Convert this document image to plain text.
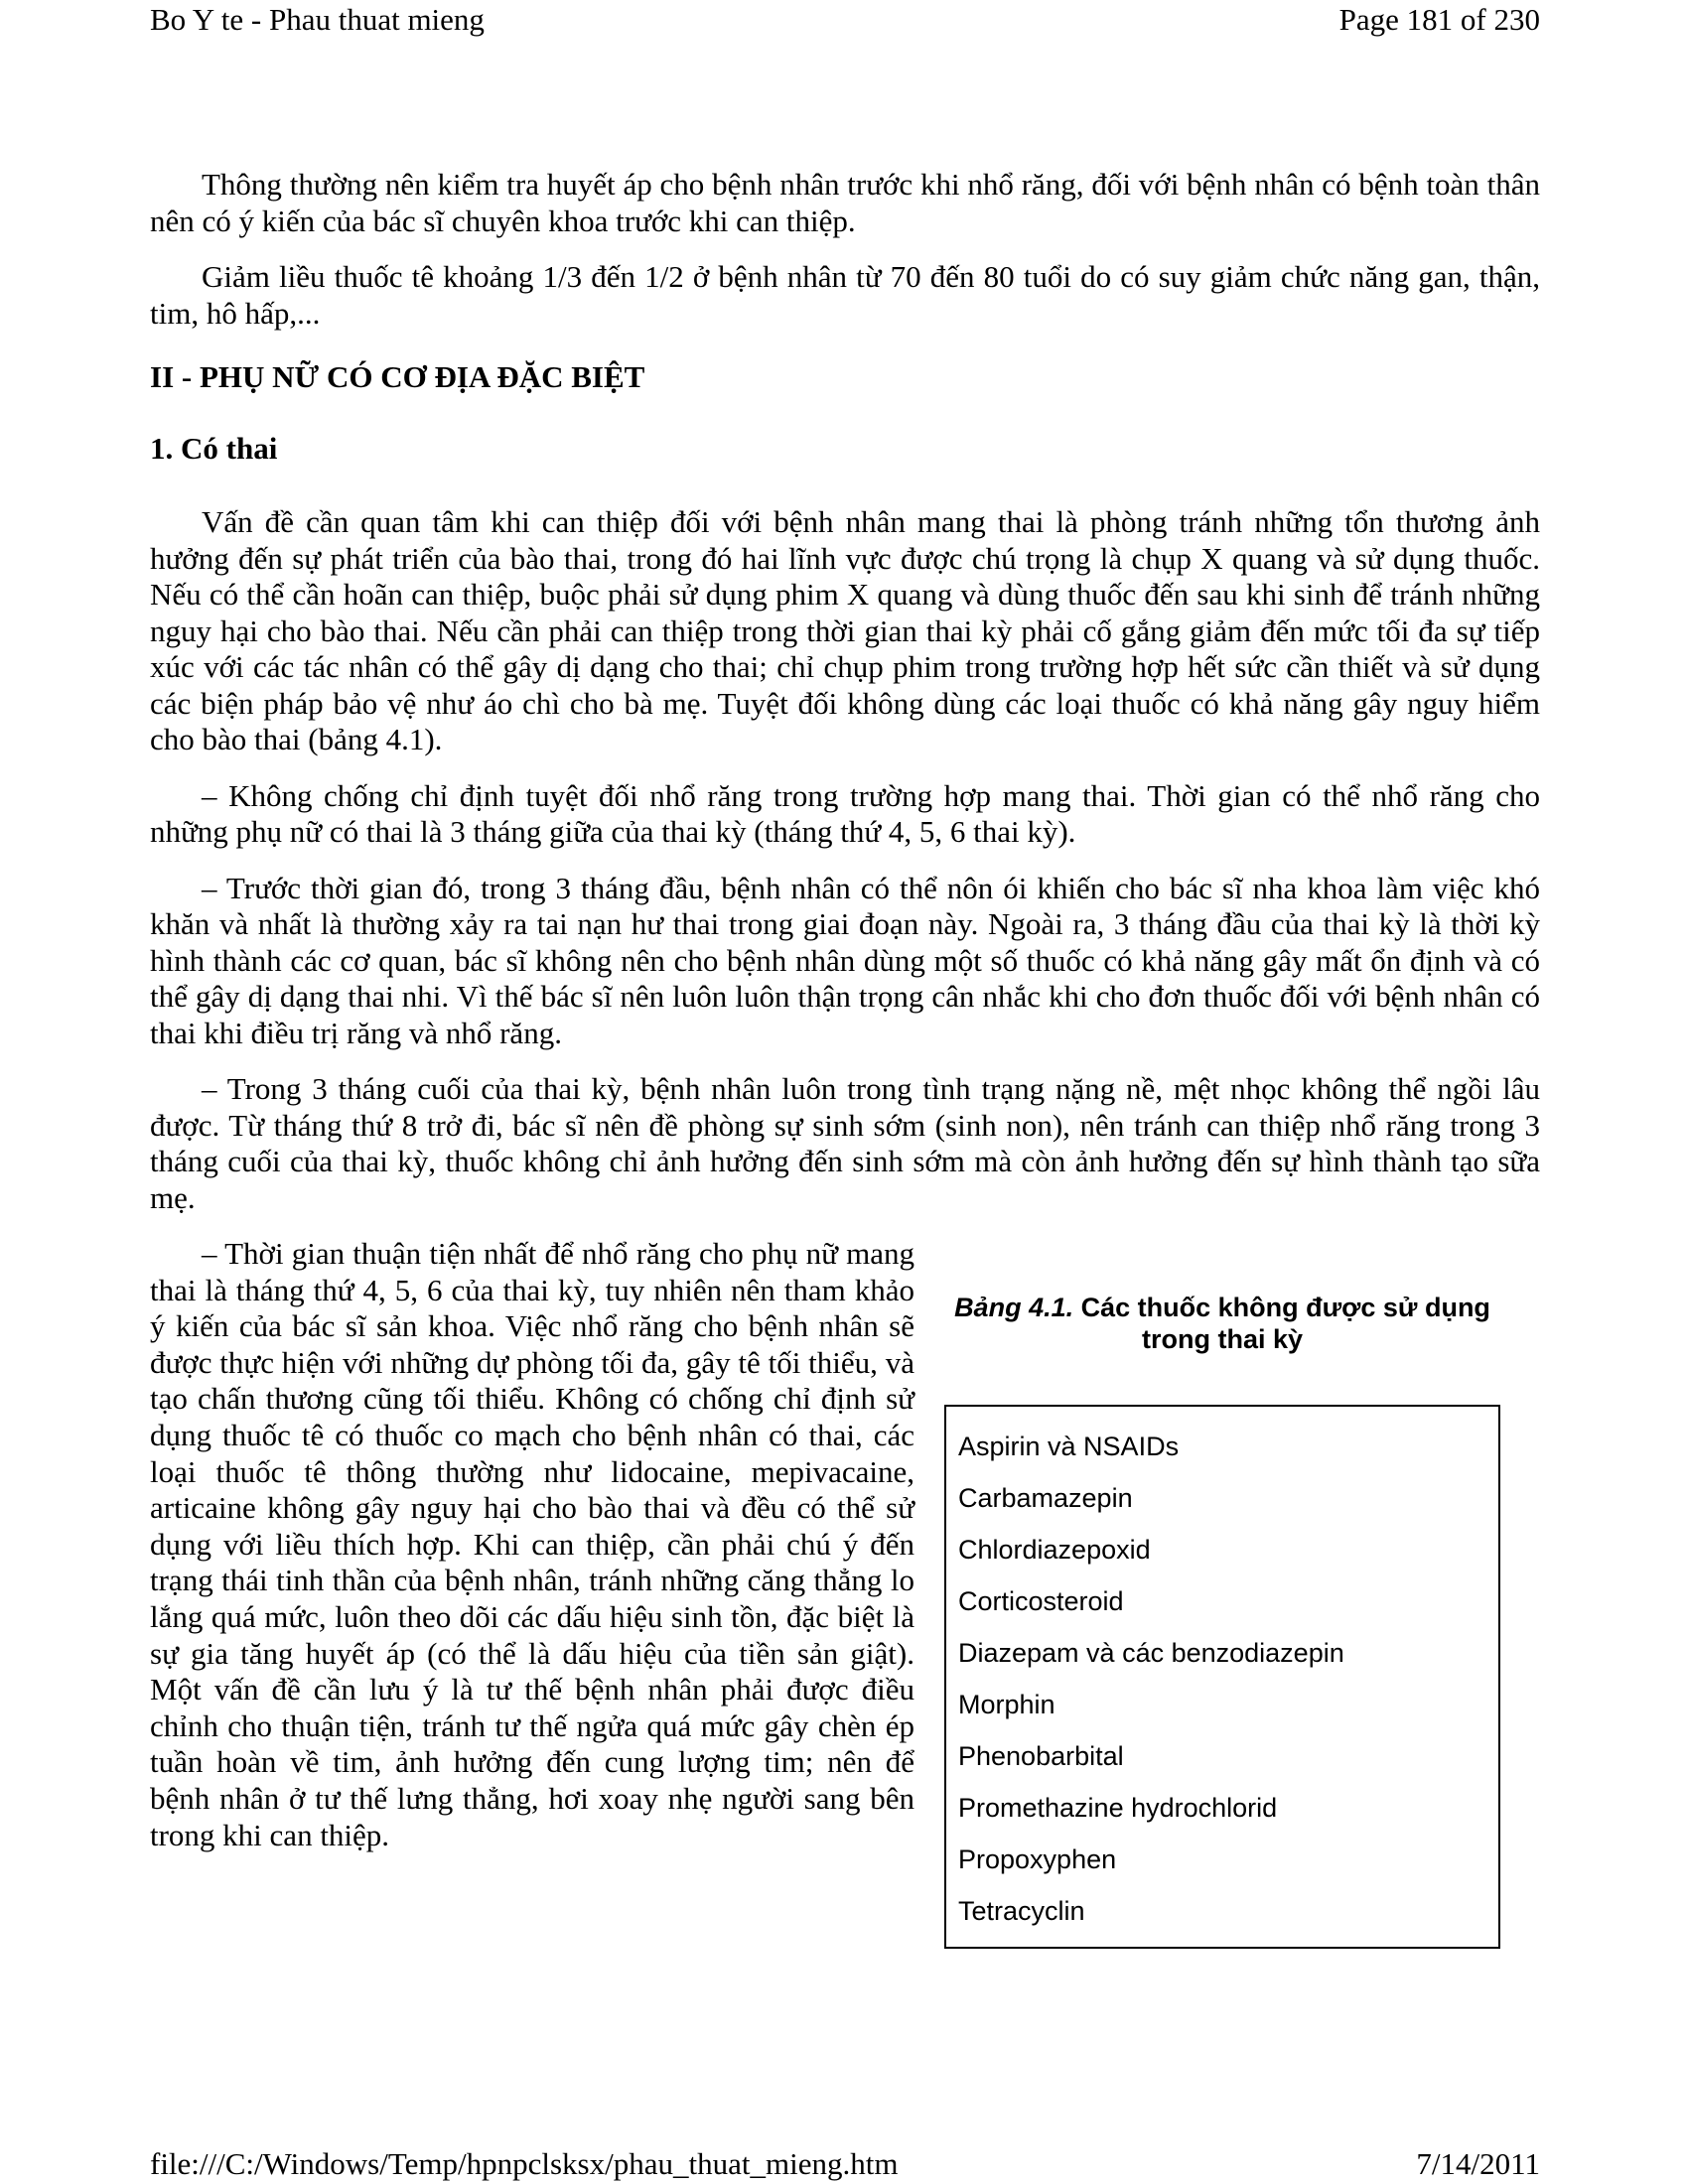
Bo Y te - Phau thuat mieng	Page 181 of 230

Thông thường nên kiểm tra huyết áp cho bệnh nhân trước khi nhổ răng, đối với bệnh nhân có bệnh toàn thân nên có ý kiến của bác sĩ chuyên khoa trước khi can thiệp.

Giảm liều thuốc tê khoảng 1/3 đến 1/2 ở bệnh nhân từ 70 đến 80 tuổi do có suy giảm chức năng gan, thận, tim, hô hấp,...

II - PHỤ NỮ CÓ CƠ ĐỊA ĐẶC BIỆT
1. Có thai

Vấn đề cần quan tâm khi can thiệp đối với bệnh nhân mang thai là phòng tránh những tổn thương ảnh hưởng đến sự phát triển của bào thai, trong đó hai lĩnh vực được chú trọng là chụp X quang và sử dụng thuốc. Nếu có thể cần hoãn can thiệp, buộc phải sử dụng phim X quang và dùng thuốc đến sau khi sinh để tránh những nguy hại cho bào thai. Nếu cần phải can thiệp trong thời gian thai kỳ phải cố gắng giảm đến mức tối đa sự tiếp xúc với các tác nhân có thể gây dị dạng cho thai; chỉ chụp phim trong trường hợp hết sức cần thiết và sử dụng các biện pháp bảo vệ như áo chì cho bà mẹ. Tuyệt đối không dùng các loại thuốc có khả năng gây nguy hiểm cho bào thai (bảng 4.1).

– Không chống chỉ định tuyệt đối nhổ răng trong trường hợp mang thai. Thời gian có thể nhổ răng cho những phụ nữ có thai là 3 tháng giữa của thai kỳ (tháng thứ 4, 5, 6 thai kỳ).

– Trước thời gian đó, trong 3 tháng đầu, bệnh nhân có thể nôn ói khiến cho bác sĩ nha khoa làm việc khó khăn và nhất là thường xảy ra tai nạn hư thai trong giai đoạn này. Ngoài ra, 3 tháng đầu của thai kỳ là thời kỳ hình thành các cơ quan, bác sĩ không nên cho bệnh nhân dùng một số thuốc có khả năng gây mất ổn định và có thể gây dị dạng thai nhi. Vì thế bác sĩ nên luôn luôn thận trọng cân nhắc khi cho đơn thuốc đối với bệnh nhân có thai khi điều trị răng và nhổ răng.

– Trong 3 tháng cuối của thai kỳ, bệnh nhân luôn trong tình trạng nặng nề, mệt nhọc không thể ngồi lâu được. Từ tháng thứ 8 trở đi, bác sĩ nên đề phòng sự sinh sớm (sinh non), nên tránh can thiệp nhổ răng trong 3 tháng cuối của thai kỳ, thuốc không chỉ ảnh hưởng đến sinh sớm mà còn ảnh hưởng đến sự hình thành tạo sữa mẹ.

– Thời gian thuận tiện nhất để nhổ răng cho phụ nữ mang thai là tháng thứ 4, 5, 6 của thai kỳ, tuy nhiên nên tham khảo ý kiến của bác sĩ sản khoa. Việc nhổ răng cho bệnh nhân sẽ được thực hiện với những dự phòng tối đa, gây tê tối thiểu, và tạo chấn thương cũng tối thiểu. Không có chống chỉ định sử dụng thuốc tê có thuốc co mạch cho bệnh nhân có thai, các loại thuốc tê thông thường như lidocaine, mepivacaine, articaine không gây nguy hại cho bào thai và đều có thể sử dụng với liều thích hợp. Khi can thiệp, cần phải chú ý đến trạng thái tinh thần của bệnh nhân, tránh những căng thẳng lo lắng quá mức, luôn theo dõi các dấu hiệu sinh tồn, đặc biệt là sự gia tăng huyết áp (có thể là dấu hiệu của tiền sản giật). Một vấn đề cần lưu ý là tư thế bệnh nhân phải được điều chỉnh cho thuận tiện, tránh tư thế ngửa quá mức gây chèn ép tuần hoàn về tim, ảnh hưởng đến cung lượng tim; nên để bệnh nhân ở tư thế lưng thẳng, hơi xoay nhẹ người sang bên trong khi can thiệp.

Bảng 4.1. Các thuốc không được sử dụng trong thai kỳ
Aspirin và NSAIDs
Carbamazepin
Chlordiazepoxid
Corticosteroid
Diazepam và các benzodiazepin
Morphin
Phenobarbital
Promethazine hydrochlorid
Propoxyphen
Tetracyclin
file:///C:/Windows/Temp/hpnpclsksx/phau_thuat_mieng.htm	7/14/2011
